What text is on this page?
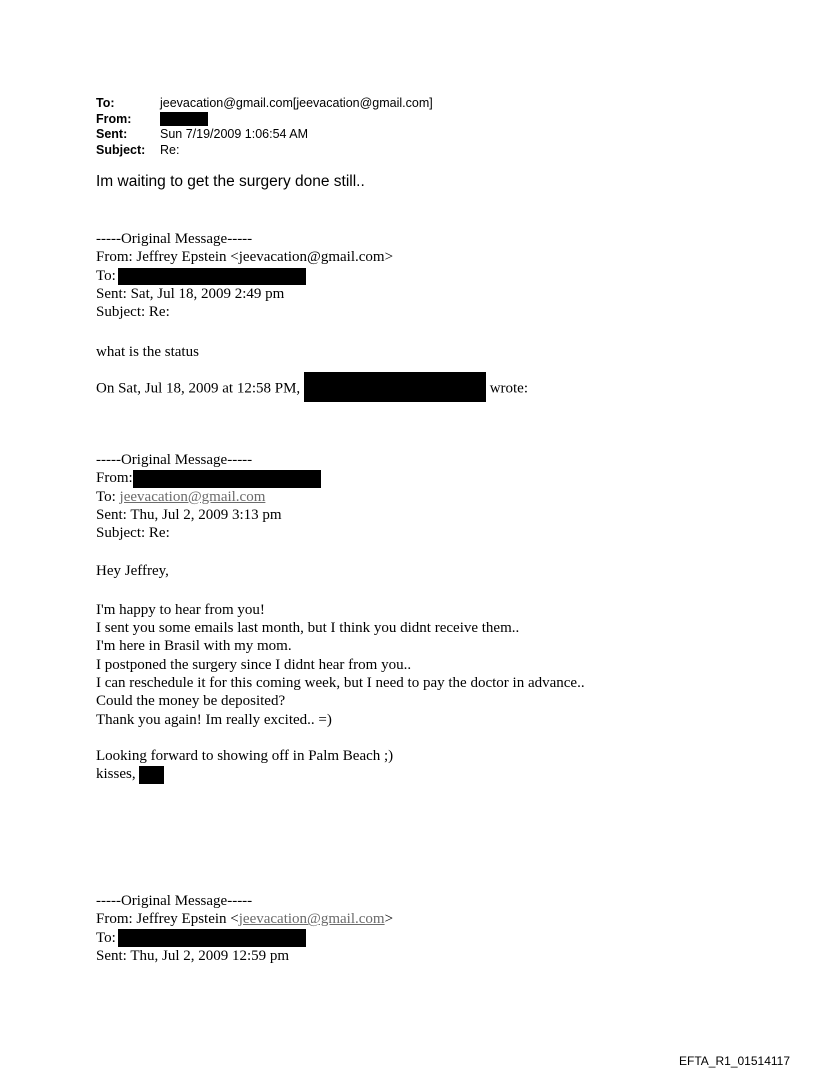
To:	jeevacation@gmail.com[jeevacation@gmail.com]
From:
Sent:	Sun 7/19/2009 1:06:54 AM
Subject:	Re:
Im waiting to get the surgery done still..

-----Original Message-----

From: Jeffrey Epstein <jeevacation@gmail.com>

To:

Sent: Sat, Jul 18, 2009 2:49 pm

Subject: Re:

what is the status

On Sat, Jul 18, 2009 at 12:58 PM,	wrote:

-----Original Message-----

From:

To: jeevacation@gmail.com

Sent: Thu, Jul 2, 2009 3:13 pm

Subject: Re:

Hey Jeffrey,

I'm happy to hear from you!

I sent you some emails last month, but I think you didnt receive them..

I'm here in Brasil with my mom.

I postponed the surgery since I didnt hear from you..

I can reschedule it for this coming week, but I need to pay the doctor in advance..

Could the money be deposited?

Thank you again! Im really excited.. =)

Looking forward to showing off in Palm Beach ;)

kisses,

-----Original Message-----

From: Jeffrey Epstein <jeevacation@gmail.com>

To:

Sent: Thu, Jul 2, 2009 12:59 pm

EFTA_R1_01514117
